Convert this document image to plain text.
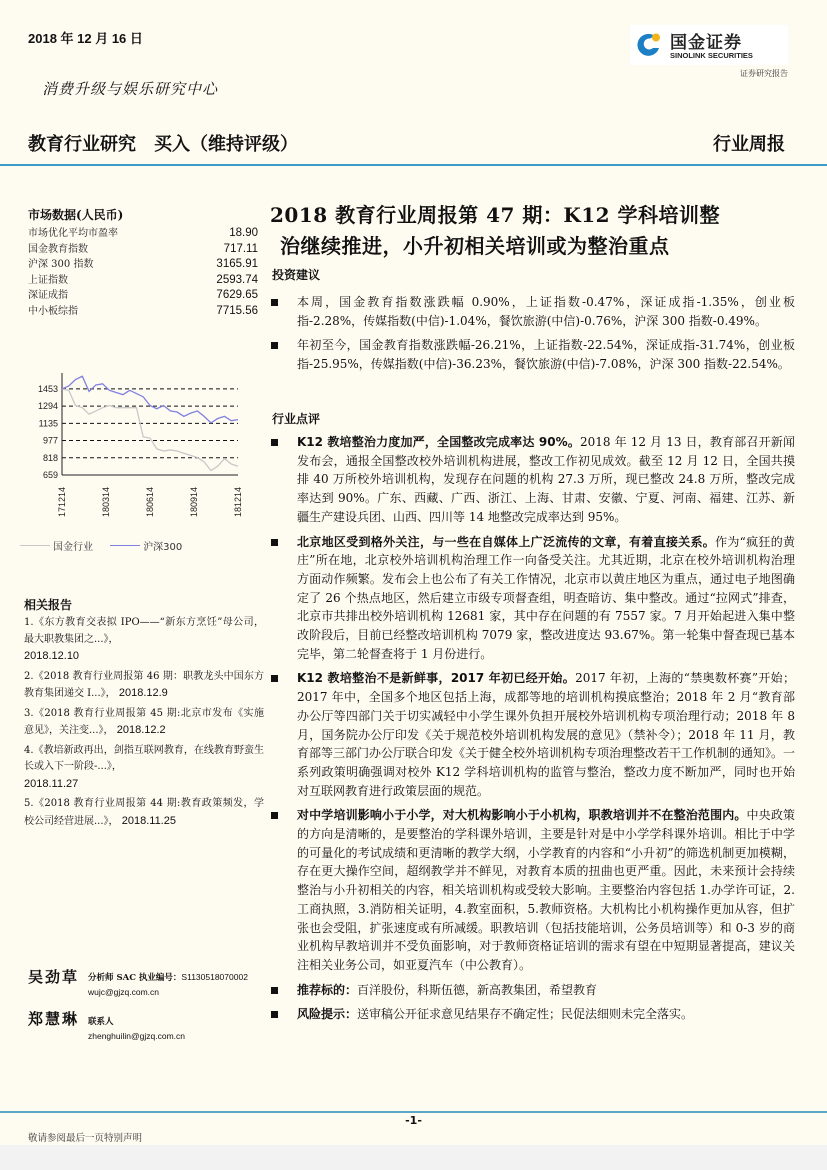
2018 年 12 月 16 日	国金证券
SINOLINK SECURITIES
证券研究报告
消费升级与娱乐研究中心
教育行业研究 买入（维持评级）	行业周报
市场数据(人民币)
市场优化平均市盈率	18.90
国金教育指数	717.11
沪深 300 指数	3165.91
上证指数	2593.74
深证成指	7629.65
中小板综指	7715.56
659
818
977
1135
1294
1453
171214	180314	180614	180914	181214
国金行业
	沪深300
相关报告
1.《东方教育交表拟 IPO——“新东方烹饪”母公司，最大职教集团之...》，
2018.12.10
2.《2018 教育行业周报第 46 期：职教龙头中国东方教育集团递交 I...》， 2018.12.9
3.《2018 教育行业周报第 45 期:北京市发布《实施意见》，关注变...》， 2018.12.2
4.《教培新政再出，剑指互联网教育，在线教育野蛮生长或入下一阶段-...》，
2018.11.27
5.《2018 教育行业周报第 44 期:教育政策频发，学校公司经营进展...》， 2018.11.25
吴劲草 分析师 SAC 执业编号：S1130518070002
wujc@gjzq.com.cn
郑慧琳 联系人
zhenghuilin@gjzq.com.cn
2018 教育行业周报第 47 期：K12 学科培训整
治继续推进，小升初相关培训或为整治重点
投资建议
本周，国金教育指数涨跌幅 0.90%，上证指数-0.47%，深证成指-1.35%，创业板指-2.28%，传媒指数(中信)-1.04%，餐饮旅游(中信)-0.76%，沪深 300 指数-0.49%。
年初至今，国金教育指数涨跌幅-26.21%，上证指数-22.54%，深证成指-31.74%，创业板指-25.95%，传媒指数(中信)-36.23%，餐饮旅游(中信)-7.08%，沪深 300 指数-22.54%。
行业点评
K12 教培整治力度加严，全国整改完成率达 90%。2018 年 12 月 13 日，教育部召开新闻发布会，通报全国整改校外培训机构进展，整改工作初见成效。截至 12 月 12 日，全国共摸排 40 万所校外培训机构，发现存在问题的机构 27.3 万所，现已整改 24.8 万所，整改完成率达到 90%。广东、西藏、广西、浙江、上海、甘肃、安徽、宁夏、河南、福建、江苏、新疆生产建设兵团、山西、四川等 14 地整改完成率达到 95%。
北京地区受到格外关注，与一些在自媒体上广泛流传的文章，有着直接关系。作为“疯狂的黄庄”所在地，北京校外培训机构治理工作一向备受关注。尤其近期，北京在校外培训机构治理方面动作频繁。发布会上也公布了有关工作情况，北京市以黄庄地区为重点，通过电子地图确定了 26 个热点地区，然后建立市级专项督查组，明查暗访、集中整改。通过“拉网式”排查，北京市共排出校外培训机构 12681 家，其中存在问题的有 7557 家。7 月开始起进入集中整改阶段后，目前已经整改培训机构 7079 家，整改进度达 93.67%。第一轮集中督查现已基本完毕，第二轮督查将于 1 月份进行。
K12 教培整治不是新鲜事，2017 年初已经开始。2017 年初，上海的“禁奥数杯赛”开始；2017 年中，全国多个地区包括上海，成都等地的培训机构摸底整治；2018 年 2 月“教育部办公厅等四部门关于切实减轻中小学生课外负担开展校外培训机构专项治理行动；2018 年 8 月，国务院办公厅印发《关于规范校外培训机构发展的意见》（禁补令）；2018 年 11 月，教育部等三部门办公厅联合印发《关于健全校外培训机构专项治理整改若干工作机制的通知》。一系列政策明确强调对校外 K12 学科培训机构的监管与整治，整改力度不断加严，同时也开始对互联网教育进行政策层面的规范。
对中学培训影响小于小学，对大机构影响小于小机构，职教培训并不在整治范围内。中央政策的方向是清晰的，是要整治的学科课外培训，主要是针对是中小学学科课外培训。相比于中学的可量化的考试成绩和更清晰的教学大纲，小学教育的内容和“小升初”的筛选机制更加模糊，存在更大操作空间，超纲教学并不鲜见，对教育本质的扭曲也更严重。因此，未来预计会持续整治与小升初相关的内容，相关培训机构或受较大影响。主要整治内容包括 1.办学许可证，2.工商执照，3.消防相关证明，4.教室面积，5.教师资格。大机构比小机构操作更加从容，但扩张也会受阻，扩张速度或有所减缓。职教培训（包括技能培训，公务员培训等）和 0-3 岁的商业机构早教培训并不受负面影响，对于教师资格证培训的需求有望在中短期显著提高，建议关注相关业务公司，如亚夏汽车（中公教育）。
推荐标的：百洋股份，科斯伍德，新高教集团，希望教育
风险提示：送审稿公开征求意见结果存不确定性；民促法细则未完全落实。
-1-
敬请参阅最后一页特别声明
